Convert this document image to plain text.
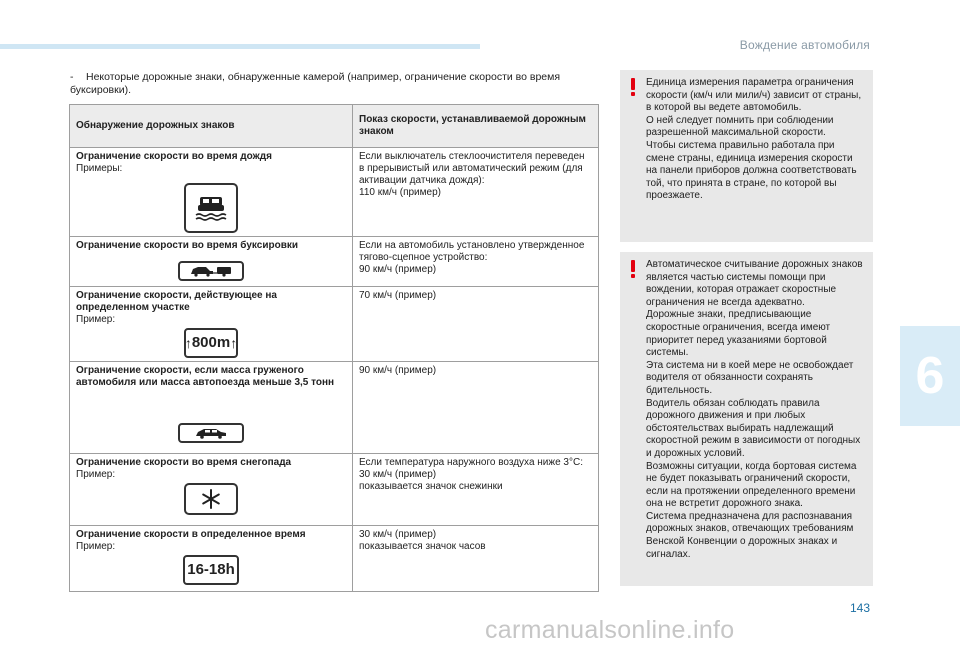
Вождение автомобиля
- Некоторые дорожные знаки, обнаруженные камерой (например, ограничение скорости во время буксировки).
Обнаружение дорожных знаков	Показ скорости, устанавливаемой дорожным знаком

Ограничение скорости во время дождя
Примеры:	Если выключатель стеклоочистителя переведен в прерывистый или автоматический режим (для активации датчика дождя):
110 км/ч (пример)

Ограничение скорости во время буксировки	Если на автомобиль установлено утвержденное тягово-сцепное устройство:
90 км/ч (пример)

Ограничение скорости, действующее на определенном участке
Пример:
↑ 800m ↑	70 км/ч (пример)

Ограничение скорости, если масса груженого автомобиля или масса автопоезда меньше 3,5 тонн	90 км/ч (пример)

Ограничение скорости во время снегопада
Пример:	Если температура наружного воздуха ниже 3°C:
30 км/ч (пример)
показывается значок снежинки

Ограничение скорости в определенное время
Пример:
16-18h	30 км/ч (пример)
показывается значок часов
Единица измерения параметра ограничения скорости (км/ч или мили/ч) зависит от страны, в которой вы ведете автомобиль.
О ней следует помнить при соблюдении разрешенной максимальной скорости.
Чтобы система правильно работала при смене страны, единица измерения скорости на панели приборов должна соответствовать той, что принята в стране, по которой вы проезжаете.
Автоматическое считывание дорожных знаков является частью системы помощи при вождении, которая отражает скоростные ограничения не всегда адекватно.
Дорожные знаки, предписывающие скоростные ограничения, всегда имеют приоритет перед указаниями бортовой системы.
Эта система ни в коей мере не освобождает водителя от обязанности сохранять бдительность.
Водитель обязан соблюдать правила дорожного движения и при любых обстоятельствах выбирать надлежащий скоростной режим в зависимости от погодных и дорожных условий.
Возможны ситуации, когда бортовая система не будет показывать ограничений скорости, если на протяжении определенного времени она не встретит дорожного знака.
Система предназначена для распознавания дорожных знаков, отвечающих требованиям Венской Конвенции о дорожных знаках и сигналах.
6
143
carmanualsonline.info
